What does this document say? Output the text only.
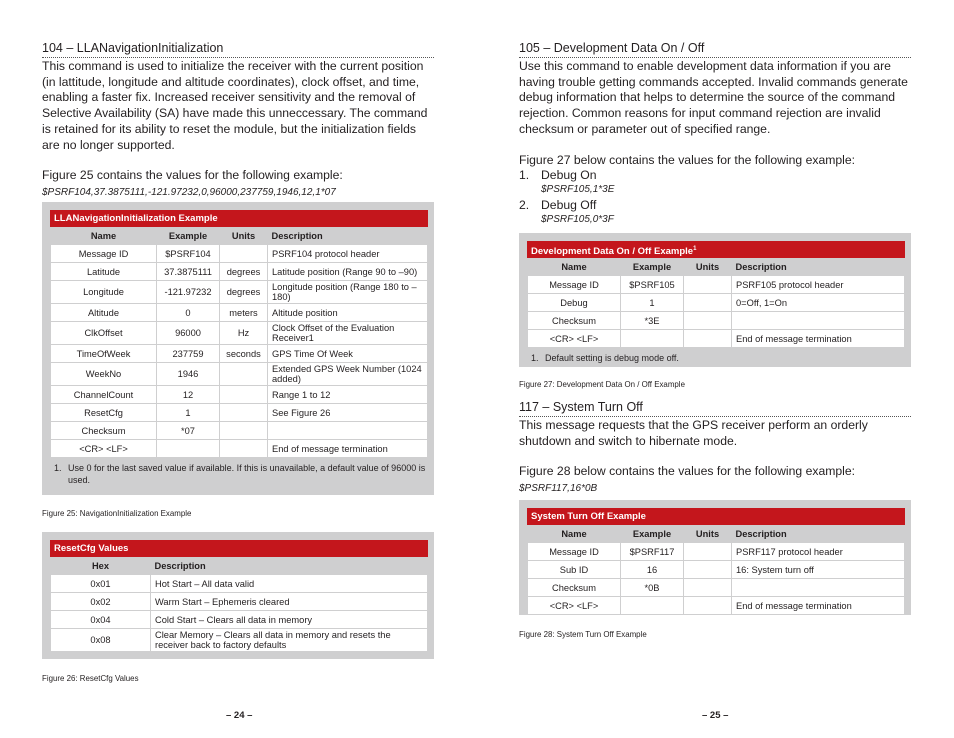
104 – LLANavigationInitialization

This command is used to initialize the receiver with the current position (in lattitude, longitude and altitude coordinates), clock offset, and time, enabling a faster fix. Increased receiver sensitivity and the removal of Selective Availability (SA) have made this unneccessary. The command is retained for its ability to reset the module, but the initialization fields are no longer supported.

Figure 25 contains the values for the following example:

$PSRF104,37.3875111,-121.97232,0,96000,237759,1946,12,1*07

LLANavigationInitialization Example
Name	Example	Units	Description
Message ID	$PSRF104		PSRF104 protocol header
Latitude	37.3875111	degrees	Latitude position (Range 90 to –90)
Longitude	-121.97232	degrees	Longitude position (Range 180 to –180)
Altitude	0	meters	Altitude position
ClkOffset	96000	Hz	Clock Offset of the Evaluation Receiver1
TimeOfWeek	237759	seconds	GPS Time Of Week
WeekNo	1946		Extended GPS Week Number (1024 added)
ChannelCount	12		Range 1 to 12
ResetCfg	1		See Figure 26
Checksum	*07		
<CR> <LF>			End of message termination
1. Use 0 for the last saved value if available. If this is unavailable, a default value of 96000 is used.
Figure 25: NavigationInitialization Example
ResetCfg Values
Hex	Description
0x01	Hot Start – All data valid
0x02	Warm Start – Ephemeris cleared
0x04	Cold Start – Clears all data in memory
0x08	Clear Memory – Clears all data in memory and resets the receiver back to factory defaults
Figure 26: ResetCfg Values
– 24 –

105 – Development Data On / Off

Use this command to enable development data information if you are having trouble getting commands accepted. Invalid commands generate debug information that helps to determine the source of the command rejection. Common reasons for input command rejection are invalid checksum or parameter out of specified range.

Figure 27 below contains the values for the following example:

1. Debug On

$PSRF105,1*3E

2. Debug Off

$PSRF105,0*3F

Development Data On / Off Example$^1$
Name	Example	Units	Description
Message ID	$PSRF105		PSRF105 protocol header
Debug	1		0=Off, 1=On
Checksum	*3E		
<CR> <LF>			End of message termination
1. Default setting is debug mode off.
Figure 27: Development Data On / Off Example

117 – System Turn Off

This message requests that the GPS receiver perform an orderly shutdown and switch to hibernate mode.

Figure 28 below contains the values for the following example:

$PSRF117,16*0B

System Turn Off Example
Name	Example	Units	Description
Message ID	$PSRF117		PSRF117 protocol header
Sub ID	16		16: System turn off
Checksum	*0B		
<CR> <LF>			End of message termination
Figure 28: System Turn Off Example
– 25 –
